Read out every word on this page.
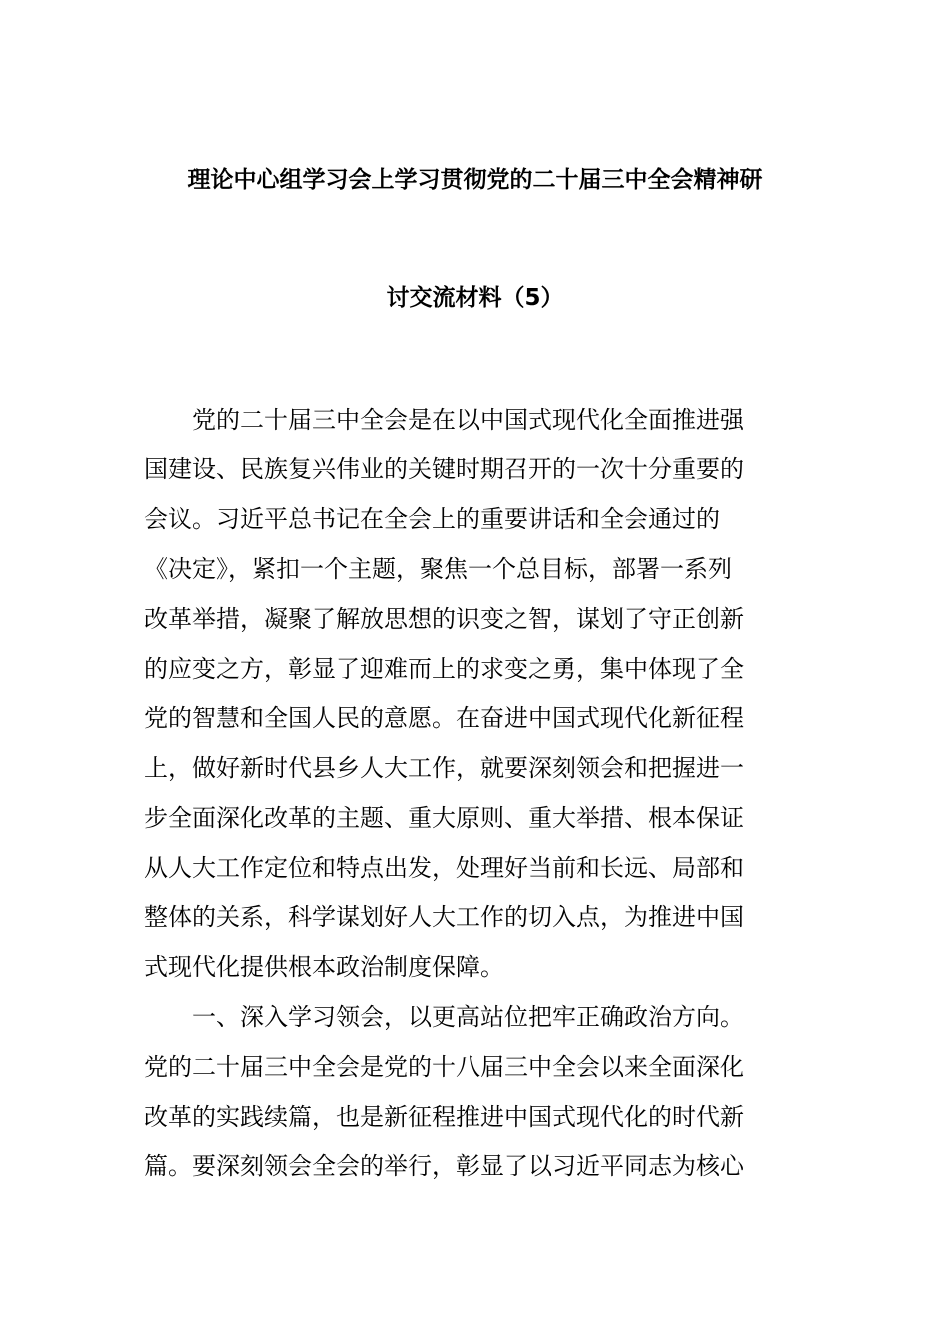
理论中心组学习会上学习贯彻党的二十届三中全会精神研
讨交流材料（5）
党的二十届三中全会是在以中国式现代化全面推进强
国建设、民族复兴伟业的关键时期召开的一次十分重要的
会议。习近平总书记在全会上的重要讲话和全会通过的
《决定》，紧扣一个主题，聚焦一个总目标，部署一系列
改革举措，凝聚了解放思想的识变之智，谋划了守正创新
的应变之方，彰显了迎难而上的求变之勇，集中体现了全
党的智慧和全国人民的意愿。在奋进中国式现代化新征程
上，做好新时代县乡人大工作，就要深刻领会和把握进一
步全面深化改革的主题、重大原则、重大举措、根本保证
从人大工作定位和特点出发，处理好当前和长远、局部和
整体的关系，科学谋划好人大工作的切入点，为推进中国
式现代化提供根本政治制度保障。
一、深入学习领会，以更高站位把牢正确政治方向。
党的二十届三中全会是党的十八届三中全会以来全面深化
改革的实践续篇，也是新征程推进中国式现代化的时代新
篇。要深刻领会全会的举行，彰显了以习近平同志为核心
